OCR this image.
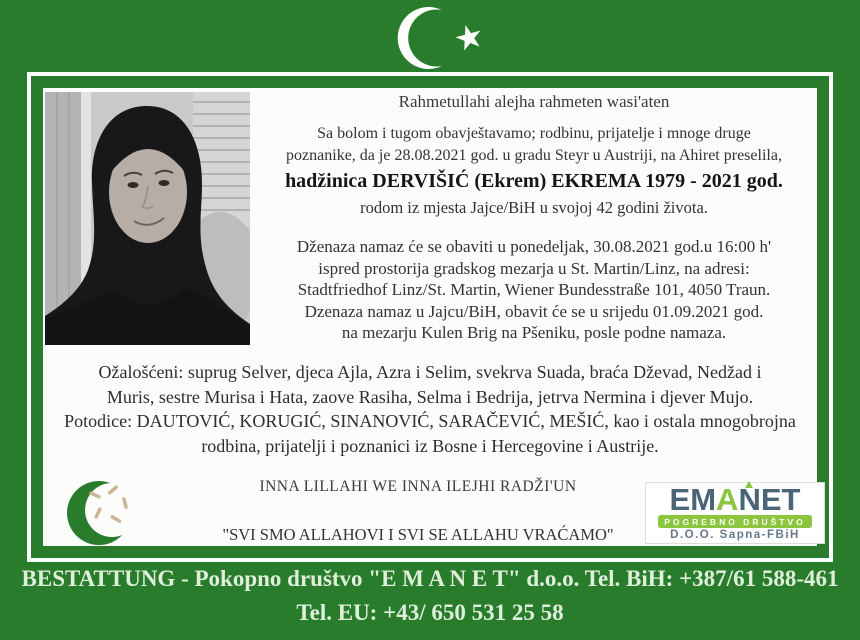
Rahmetullahi alejha rahmeten wasi'aten
Sa bolom i tugom obavještavamo; rodbinu, prijatelje i mnoge druge
poznanike, da je 28.08.2021 god. u gradu Steyr u Austriji, na Ahiret preselila,
hadžinica DERVIŠIĆ (Ekrem) EKREMA 1979 - 2021 god.
rodom iz mjesta Jajce/BiH u svojoj 42 godini života.
Dženaza namaz će se obaviti u ponedeljak, 30.08.2021 god.u 16:00 h'
ispred prostorija gradskog mezarja u St. Martin/Linz, na adresi:
Stadtfriedhof Linz/St. Martin, Wiener Bundesstraße 101, 4050 Traun.
Dzenaza namaz u Jajcu/BiH, obavit će se u srijedu 01.09.2021 god.
na mezarju Kulen Brig na Pšeniku, posle podne namaza.
Ožalošćeni: suprug Selver, djeca Ajla, Azra i Selim, svekrva Suada, braća Dževad, Nedžad i
Muris, sestre Murisa i Hata, zaove Rasiha, Selma i Bedrija, jetrva Nermina i djever Mujo.
Potodice: DAUTOVIĆ, KORUGIĆ, SINANOVIĆ, SARAČEVIĆ, MEŠIĆ, kao i ostala mnogobrojna
rodbina, prijatelji i poznanici iz Bosne i Hercegovine i Austrije.
INNA LILLAHI WE INNA ILEJHI RADŽI'UN
"SVI SMO ALLAHOVI I SVI SE ALLAHU VRAĆAMO"
EMANET
POGREBNO DRUŠTVO
D.O.O. Sapna-FBiH
BESTATTUNG - Pokopno društvo "E M A N E T" d.o.o. Tel. BiH: +387/61 588-461
Tel. EU: +43/ 650 531 25 58
